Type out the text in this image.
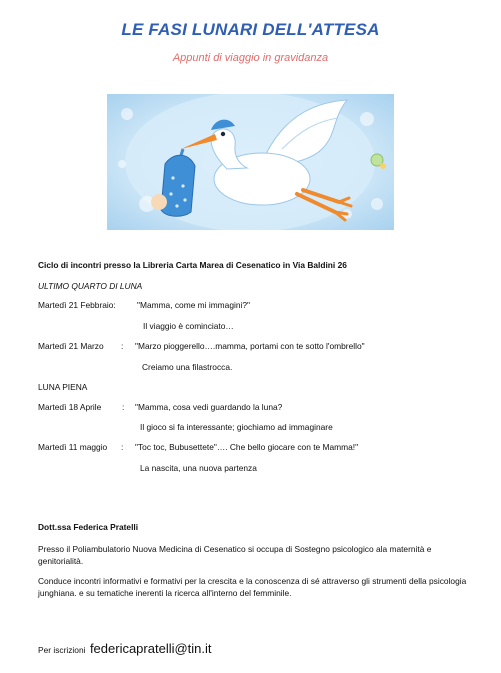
LE FASI LUNARI DELL'ATTESA
Appunti di viaggio in gravidanza
Ciclo di incontri presso la Libreria Carta Marea di Cesenatico in Via Baldini 26
ULTIMO QUARTO DI LUNA
Martedì 21 Febbraio:	"Mamma, come mi immagini?"
Il viaggio è cominciato…
Martedì 21 Marzo : "Marzo pioggerello….mamma, portami con te sotto l'ombrello"
Creiamo una filastrocca.
LUNA PIENA
Martedì 18 Aprile : "Mamma, cosa vedi guardando la luna?
Il gioco si fa interessante; giochiamo ad immaginare
Martedì 11 maggio : "Toc toc, Bubusettete"…. Che bello giocare con te Mamma!"
La nascita, una nuova partenza
Dott.ssa Federica Pratelli
Presso il Poliambulatorio Nuova Medicina di Cesenatico si occupa di Sostegno psicologico ala maternità e genitorialità.
Conduce incontri informativi e formativi per la crescita e la conoscenza di sé attraverso gli strumenti della psicologia junghiana. e su tematiche inerenti la ricerca all'interno del femminile.
Per iscrizioni federicapratelli@tin.it
